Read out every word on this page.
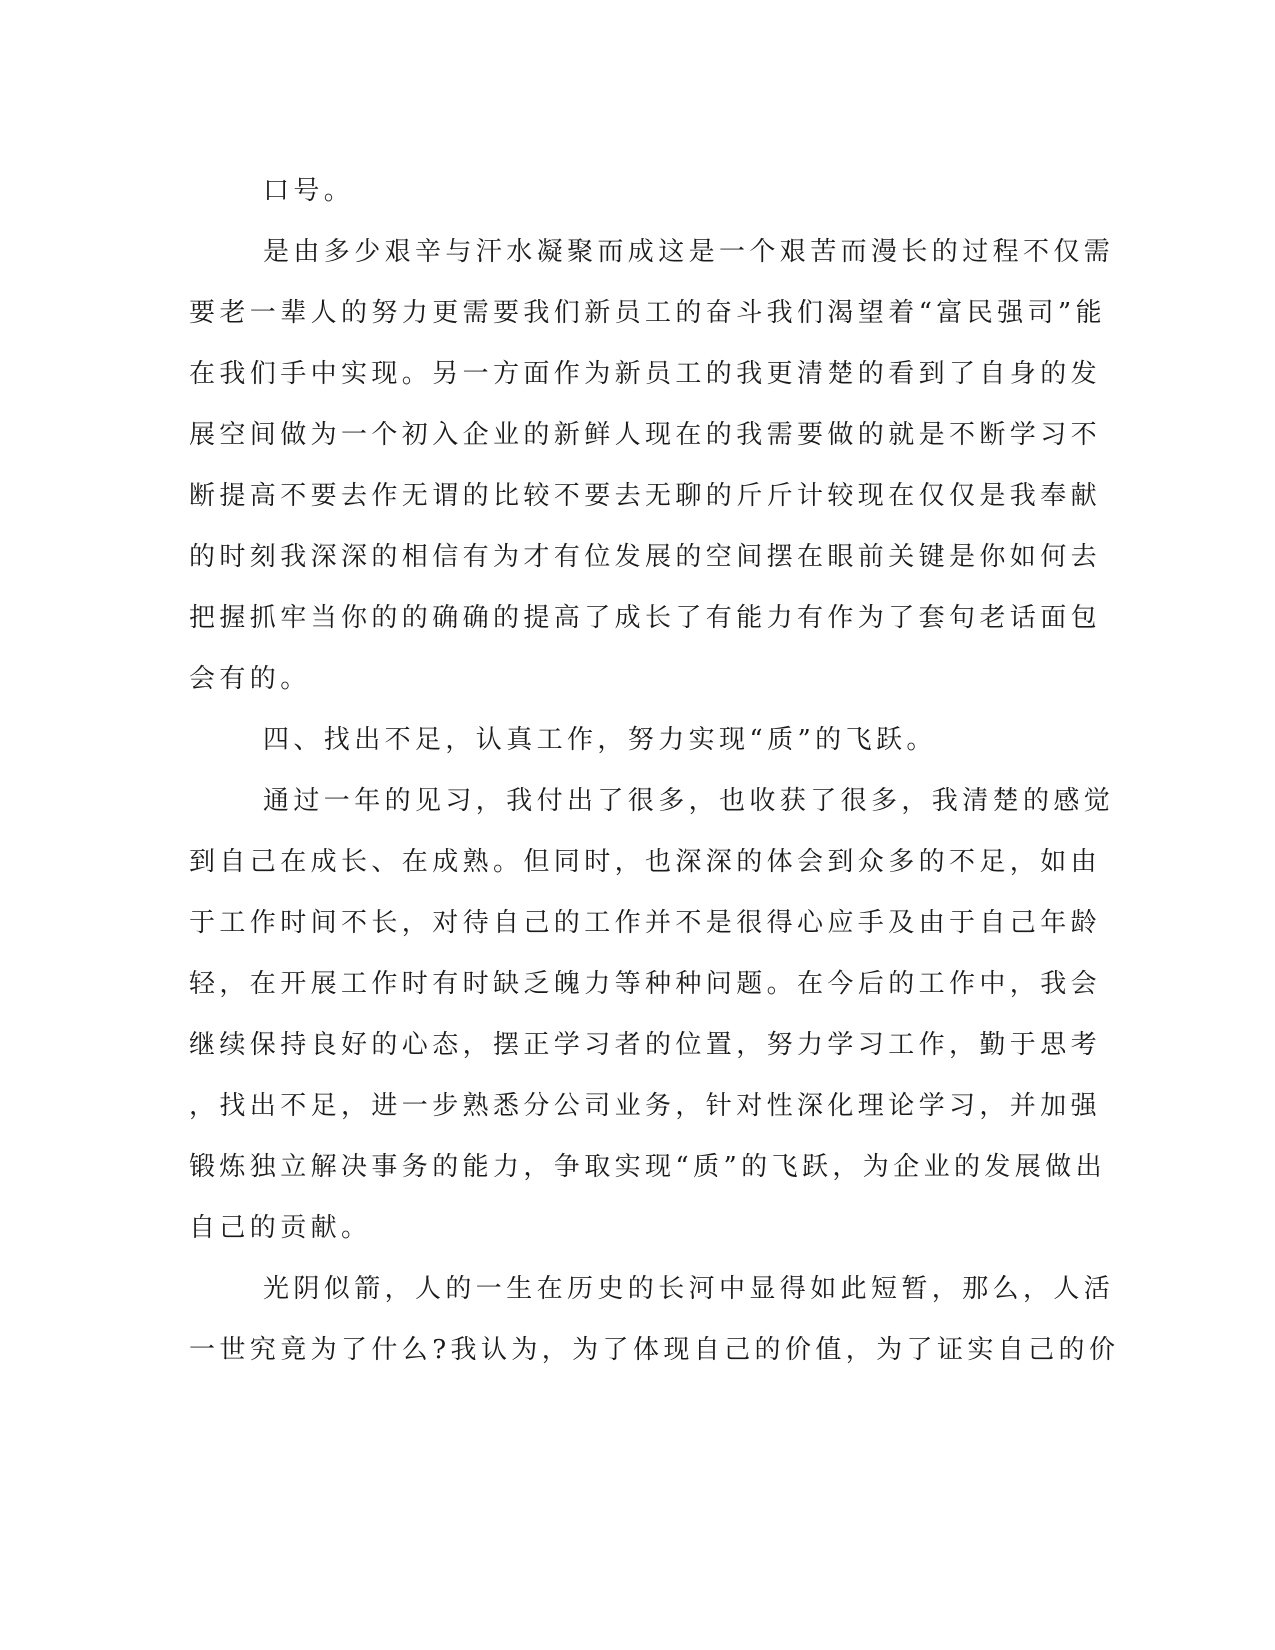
口号。
是由多少艰辛与汗水凝聚而成这是一个艰苦而漫长的过程不仅需
要老一辈人的努力更需要我们新员工的奋斗我们渴望着“富民强司”能
在我们手中实现。另一方面作为新员工的我更清楚的看到了自身的发
展空间做为一个初入企业的新鲜人现在的我需要做的就是不断学习不
断提高不要去作无谓的比较不要去无聊的斤斤计较现在仅仅是我奉献
的时刻我深深的相信有为才有位发展的空间摆在眼前关键是你如何去
把握抓牢当你的的确确的提高了成长了有能力有作为了套句老话面包
会有的。
四、找出不足，认真工作，努力实现“质”的飞跃。
通过一年的见习，我付出了很多，也收获了很多，我清楚的感觉
到自己在成长、在成熟。但同时，也深深的体会到众多的不足，如由
于工作时间不长，对待自己的工作并不是很得心应手及由于自己年龄
轻，在开展工作时有时缺乏魄力等种种问题。在今后的工作中，我会
继续保持良好的心态，摆正学习者的位置，努力学习工作，勤于思考
，找出不足，进一步熟悉分公司业务，针对性深化理论学习，并加强
锻炼独立解决事务的能力，争取实现“质”的飞跃，为企业的发展做出
自己的贡献。
光阴似箭，人的一生在历史的长河中显得如此短暂，那么，人活
一世究竟为了什么?我认为，为了体现自己的价值，为了证实自己的价
